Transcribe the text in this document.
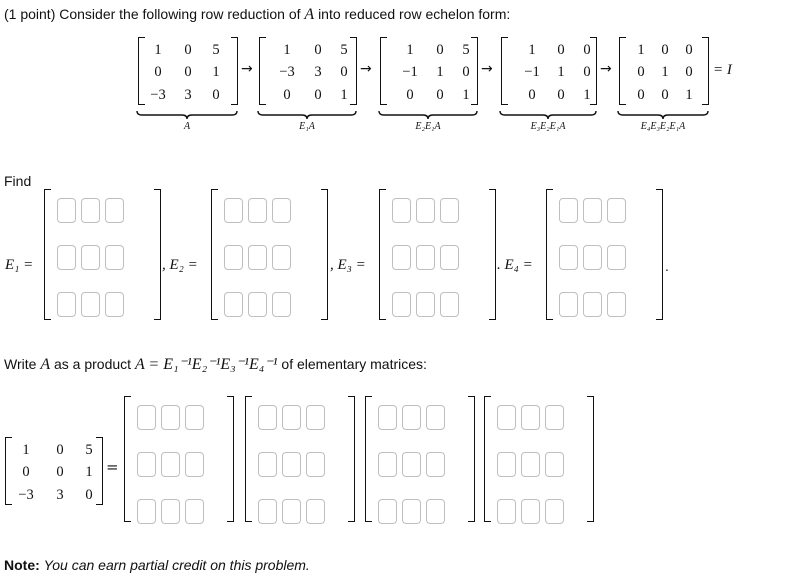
(1 point) Consider the following row reduction of A into reduced row echelon form:
1	0	5
0	0	1
−3	3	0
A
→
1	0	5
−3	3	0
0	0	1
E₁A
→
1	0	5
−1	1	0
0	0	1
E₂E₁A
→
1	0	0
−1	1	0
0	0	1
E₃E₂E₁A
→
1	0	0
0	1	0
0	0	1
E₄E₃E₂E₁A
= I
Find
E₁ =	, E₂ =	, E₃ =	. E₄ =	.
Write A as a product A = E₁⁻¹E₂⁻¹E₃⁻¹E₄⁻¹ of elementary matrices:
1	0	5
0	0	1
−3	3	0
=
Note: You can earn partial credit on this problem.
